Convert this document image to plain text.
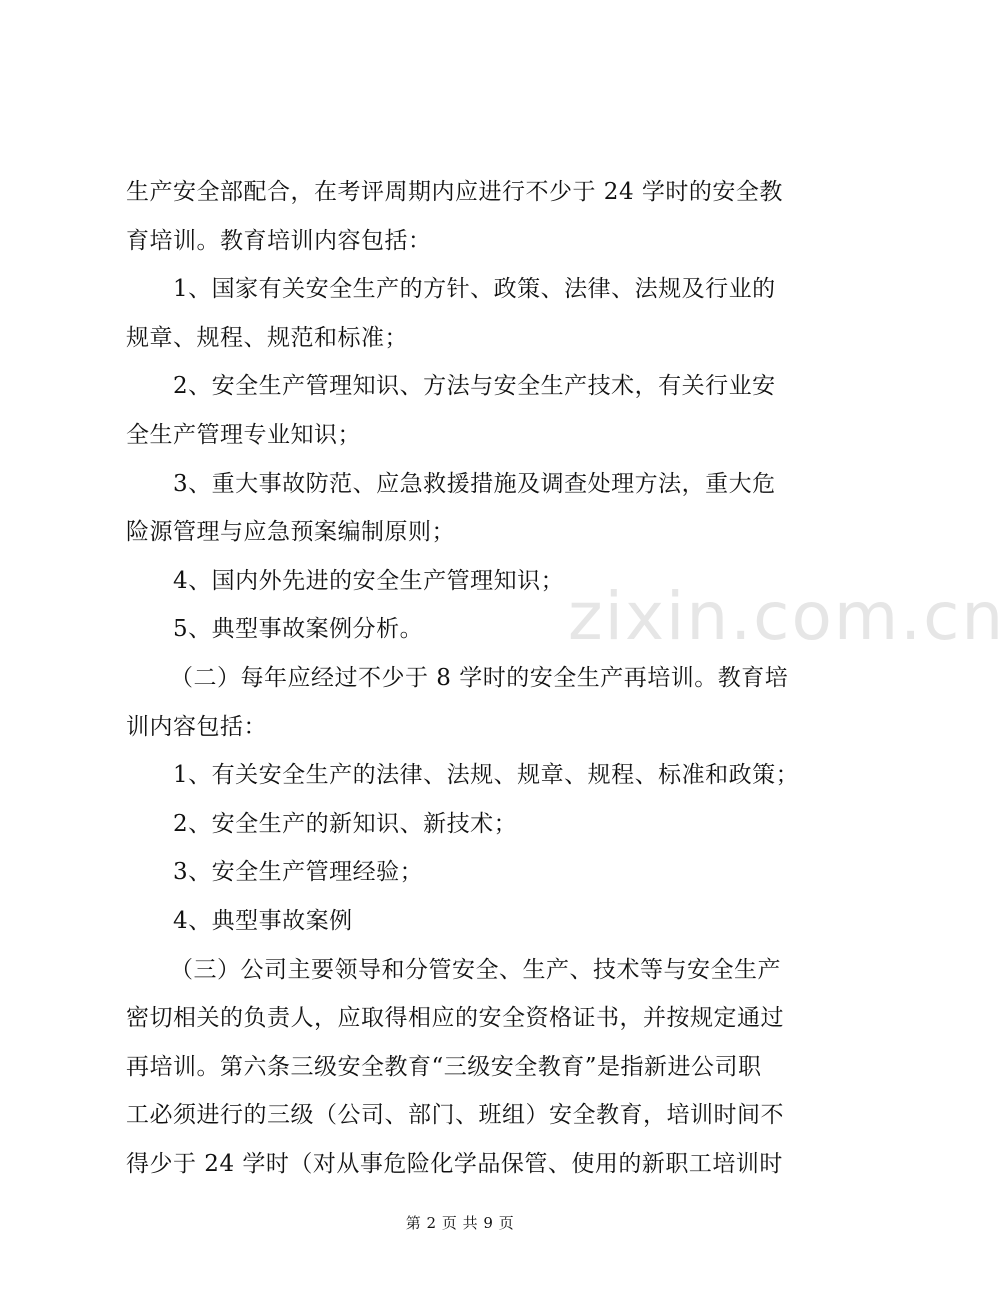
zixin.com.cn
生产安全部配合，在考评周期内应进行不少于 24 学时的安全教
育培训。教育培训内容包括：
1、国家有关安全生产的方针、政策、法律、法规及行业的
规章、规程、规范和标准；
2、安全生产管理知识、方法与安全生产技术，有关行业安
全生产管理专业知识；
3、重大事故防范、应急救援措施及调查处理方法，重大危
险源管理与应急预案编制原则；
4、国内外先进的安全生产管理知识；
5、典型事故案例分析。
（二）每年应经过不少于 8 学时的安全生产再培训。教育培
训内容包括：
1、有关安全生产的法律、法规、规章、规程、标准和政策；
2、安全生产的新知识、新技术；
3、安全生产管理经验；
4、典型事故案例
（三）公司主要领导和分管安全、生产、技术等与安全生产
密切相关的负责人，应取得相应的安全资格证书，并按规定通过
再培训。第六条三级安全教育“三级安全教育”是指新进公司职
工必须进行的三级（公司、部门、班组）安全教育，培训时间不
得少于 24 学时（对从事危险化学品保管、使用的新职工培训时
第 2 页 共 9 页
